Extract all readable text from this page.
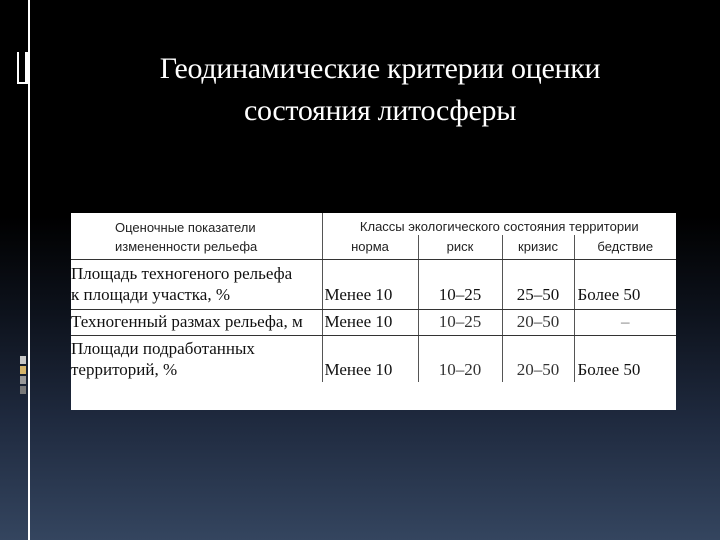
Геодинамические критерии оценки
состояния литосферы
Оценочные показатели
измененности рельефа	Классы экологического состояния территории			
	норма	риск	кризис	бедствие

Площадь техногеного рельефа
к площади участка, %	Менее 10	10–25	25–50	Более 50

Техногенный размах рельефа, м	Менее 10	10–25	20–50	–

Площади подработанных
территорий, %	Менее 10	10–20	20–50	Более 50
